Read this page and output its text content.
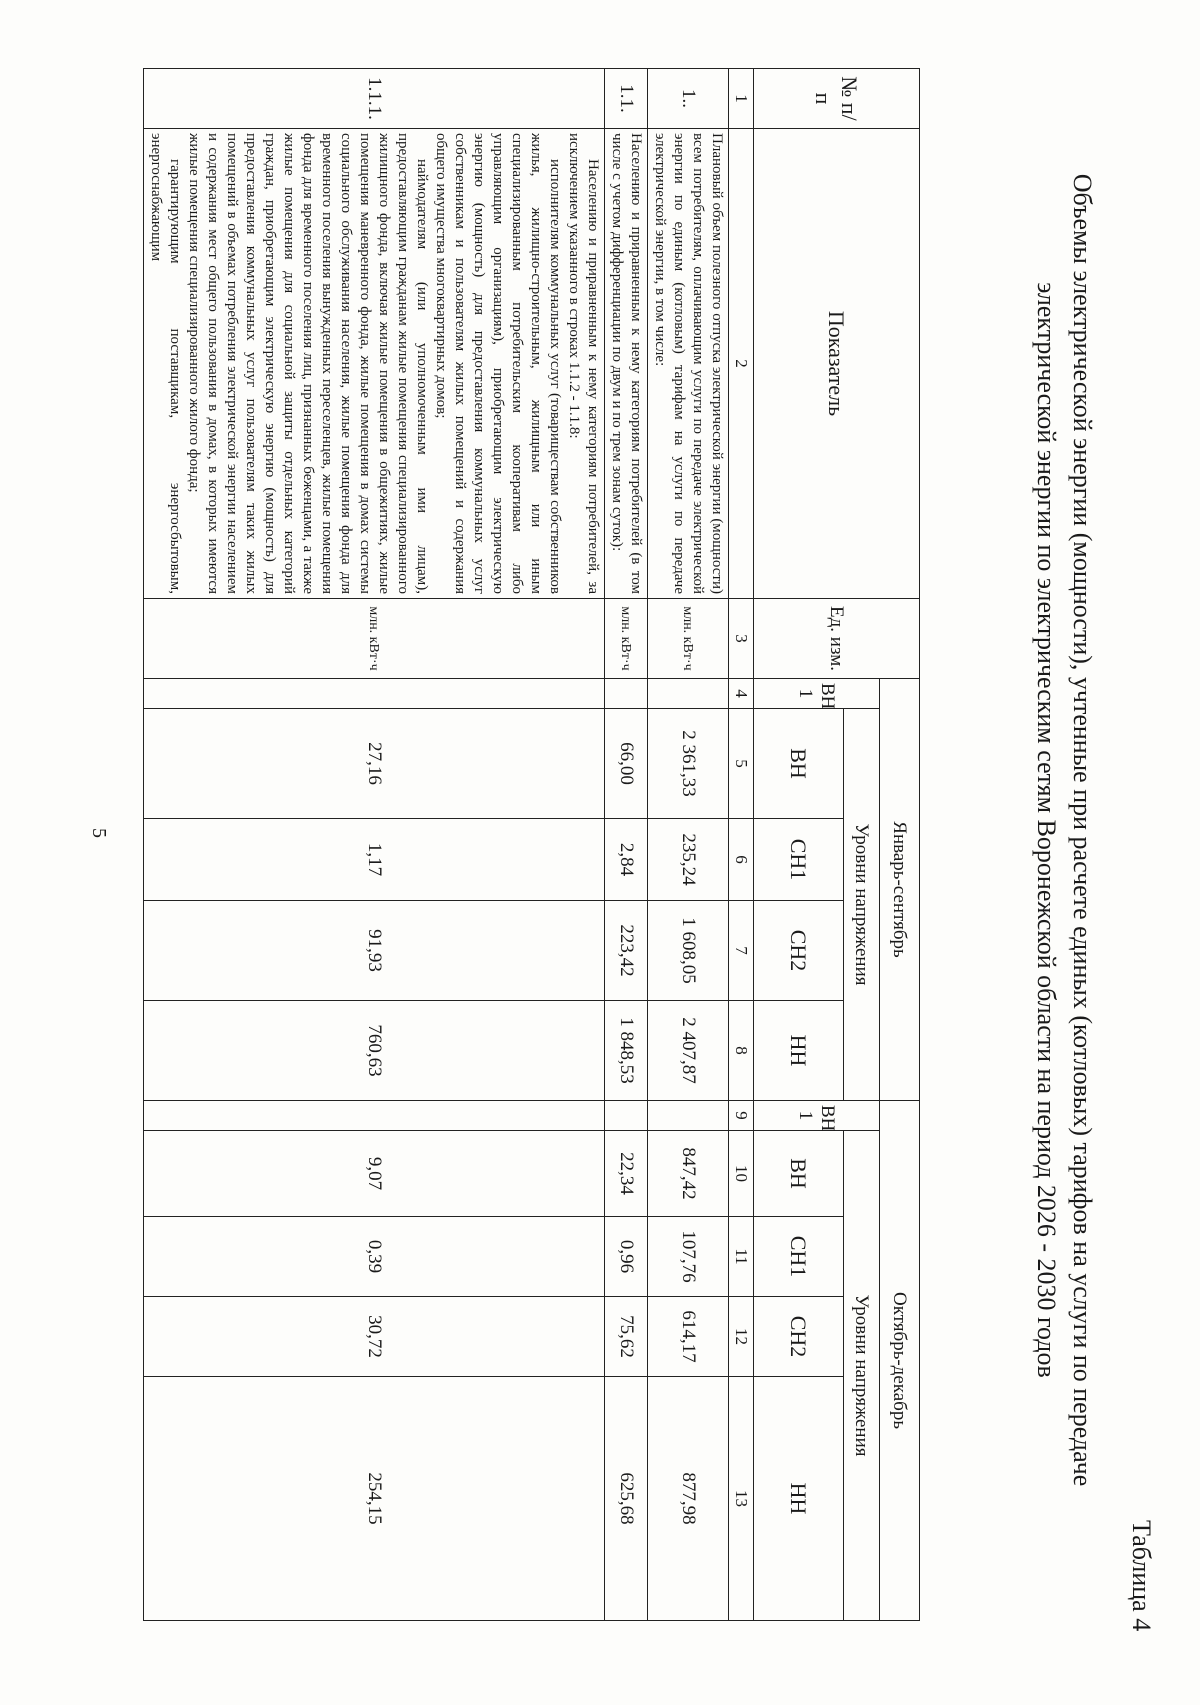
5
Таблица 4
Объемы электрической энергии (мощности), учтенные при расчете единых (котловых) тарифов на услуги по передаче
электрической энергии по электрическим сетям Воронежской области на период 2026 - 2030 годов
№ п/п	Показатель	Ед. изм.	Январь-сентябрь					Октябрь-декабрь				
			ВН 1	Уровни напряжения				ВН 1	Уровни напряжения			
				ВН	СН1	СН2	НН		ВН	СН1	СН2	НН
1	2	3	4	5	6	7	8	9	10	11	12	13
1..	Плановый объем полезного отпуска электрической энергии (мощности) всем потребителям, оплачивающим услуги по передаче электрической энергии по единым (котловым) тарифам на услуги по передаче электрической энергии, в том числе:	млн. кВт·ч		2 361,33	235,24	1 608,05	2 407,87		847,42	107,76	614,17	877,98
1.1.	Населению и приравненным к нему категориям потребителей (в том числе с учетом дифференциации по двум и по трем зонам суток):	млн. кВт·ч		66,00	2,84	223,42	1 848,53		22,34	0,96	75,62	625,68
1.1.1.	Населению и приравненным к нему категориям потребителей, за исключением указанного в строках 1.1.2 - 1.1.8:

исполнителям коммунальных услуг (товариществам собственников жилья, жилищно-строительным, жилищным или иным специализированным потребительским кооперативам либо управляющим организациям), приобретающим электрическую энергию (мощность) для предоставления коммунальных услуг собственникам и пользователям жилых помещений и содержания общего имущества многоквартирных домов;

наймодателям (или уполномоченным ими лицам), предоставляющим гражданам жилые помещения специализированного жилищного фонда, включая жилые помещения в общежитиях, жилые помещения маневренного фонда, жилые помещения в домах системы социального обслуживания населения, жилые помещения фонда для временного поселения вынужденных переселенцев, жилые помещения фонда для временного поселения лиц, признанных беженцами, а также жилые помещения для социальной защиты отдельных категорий граждан, приобретающим электрическую энергию (мощность) для предоставления коммунальных услуг пользователям таких жилых помещений в объемах потребления электрической энергии населением и содержания мест общего пользования в домах, в которых имеются жилые помещения специализированного жилого фонда;

гарантирующим поставщикам, энергосбытовым, энергоснабжающим	млн. кВт·ч		27,16	1,17	91,93	760,63		9,07	0,39	30,72	254,15
